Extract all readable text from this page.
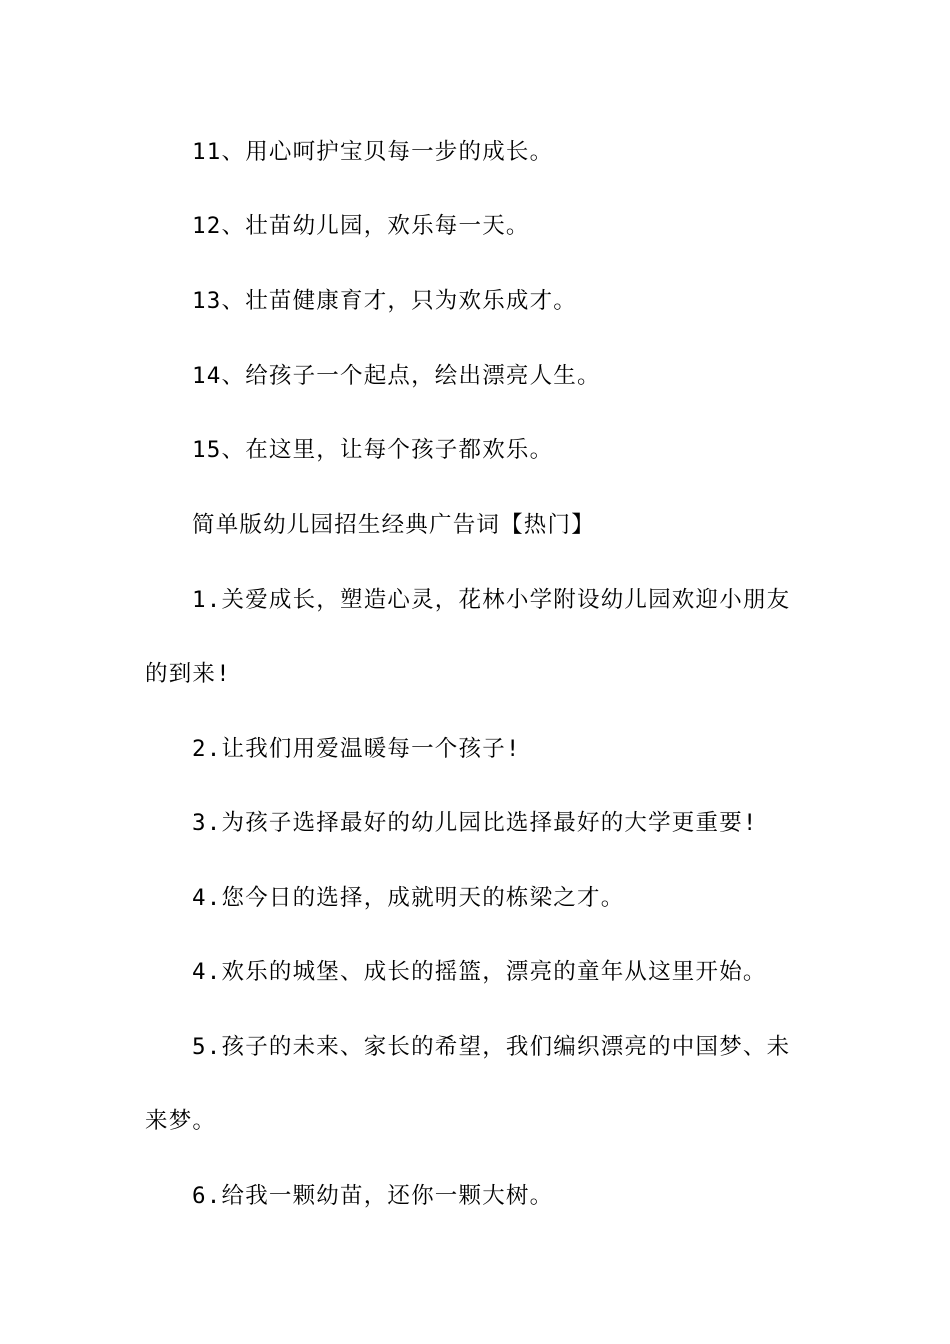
11、用心呵护宝贝每一步的成长。
12、壮苗幼儿园，欢乐每一天。
13、壮苗健康育才，只为欢乐成才。
14、给孩子一个起点，绘出漂亮人生。
15、在这里，让每个孩子都欢乐。
简单版幼儿园招生经典广告词【热门】
1.关爱成长，塑造心灵，花林小学附设幼儿园欢迎小朋友
的到来!
2.让我们用爱温暖每一个孩子!
3.为孩子选择最好的幼儿园比选择最好的大学更重要!
4.您今日的选择，成就明天的栋梁之才。
4.欢乐的城堡、成长的摇篮，漂亮的童年从这里开始。
5.孩子的未来、家长的希望，我们编织漂亮的中国梦、未
来梦。
6.给我一颗幼苗，还你一颗大树。
